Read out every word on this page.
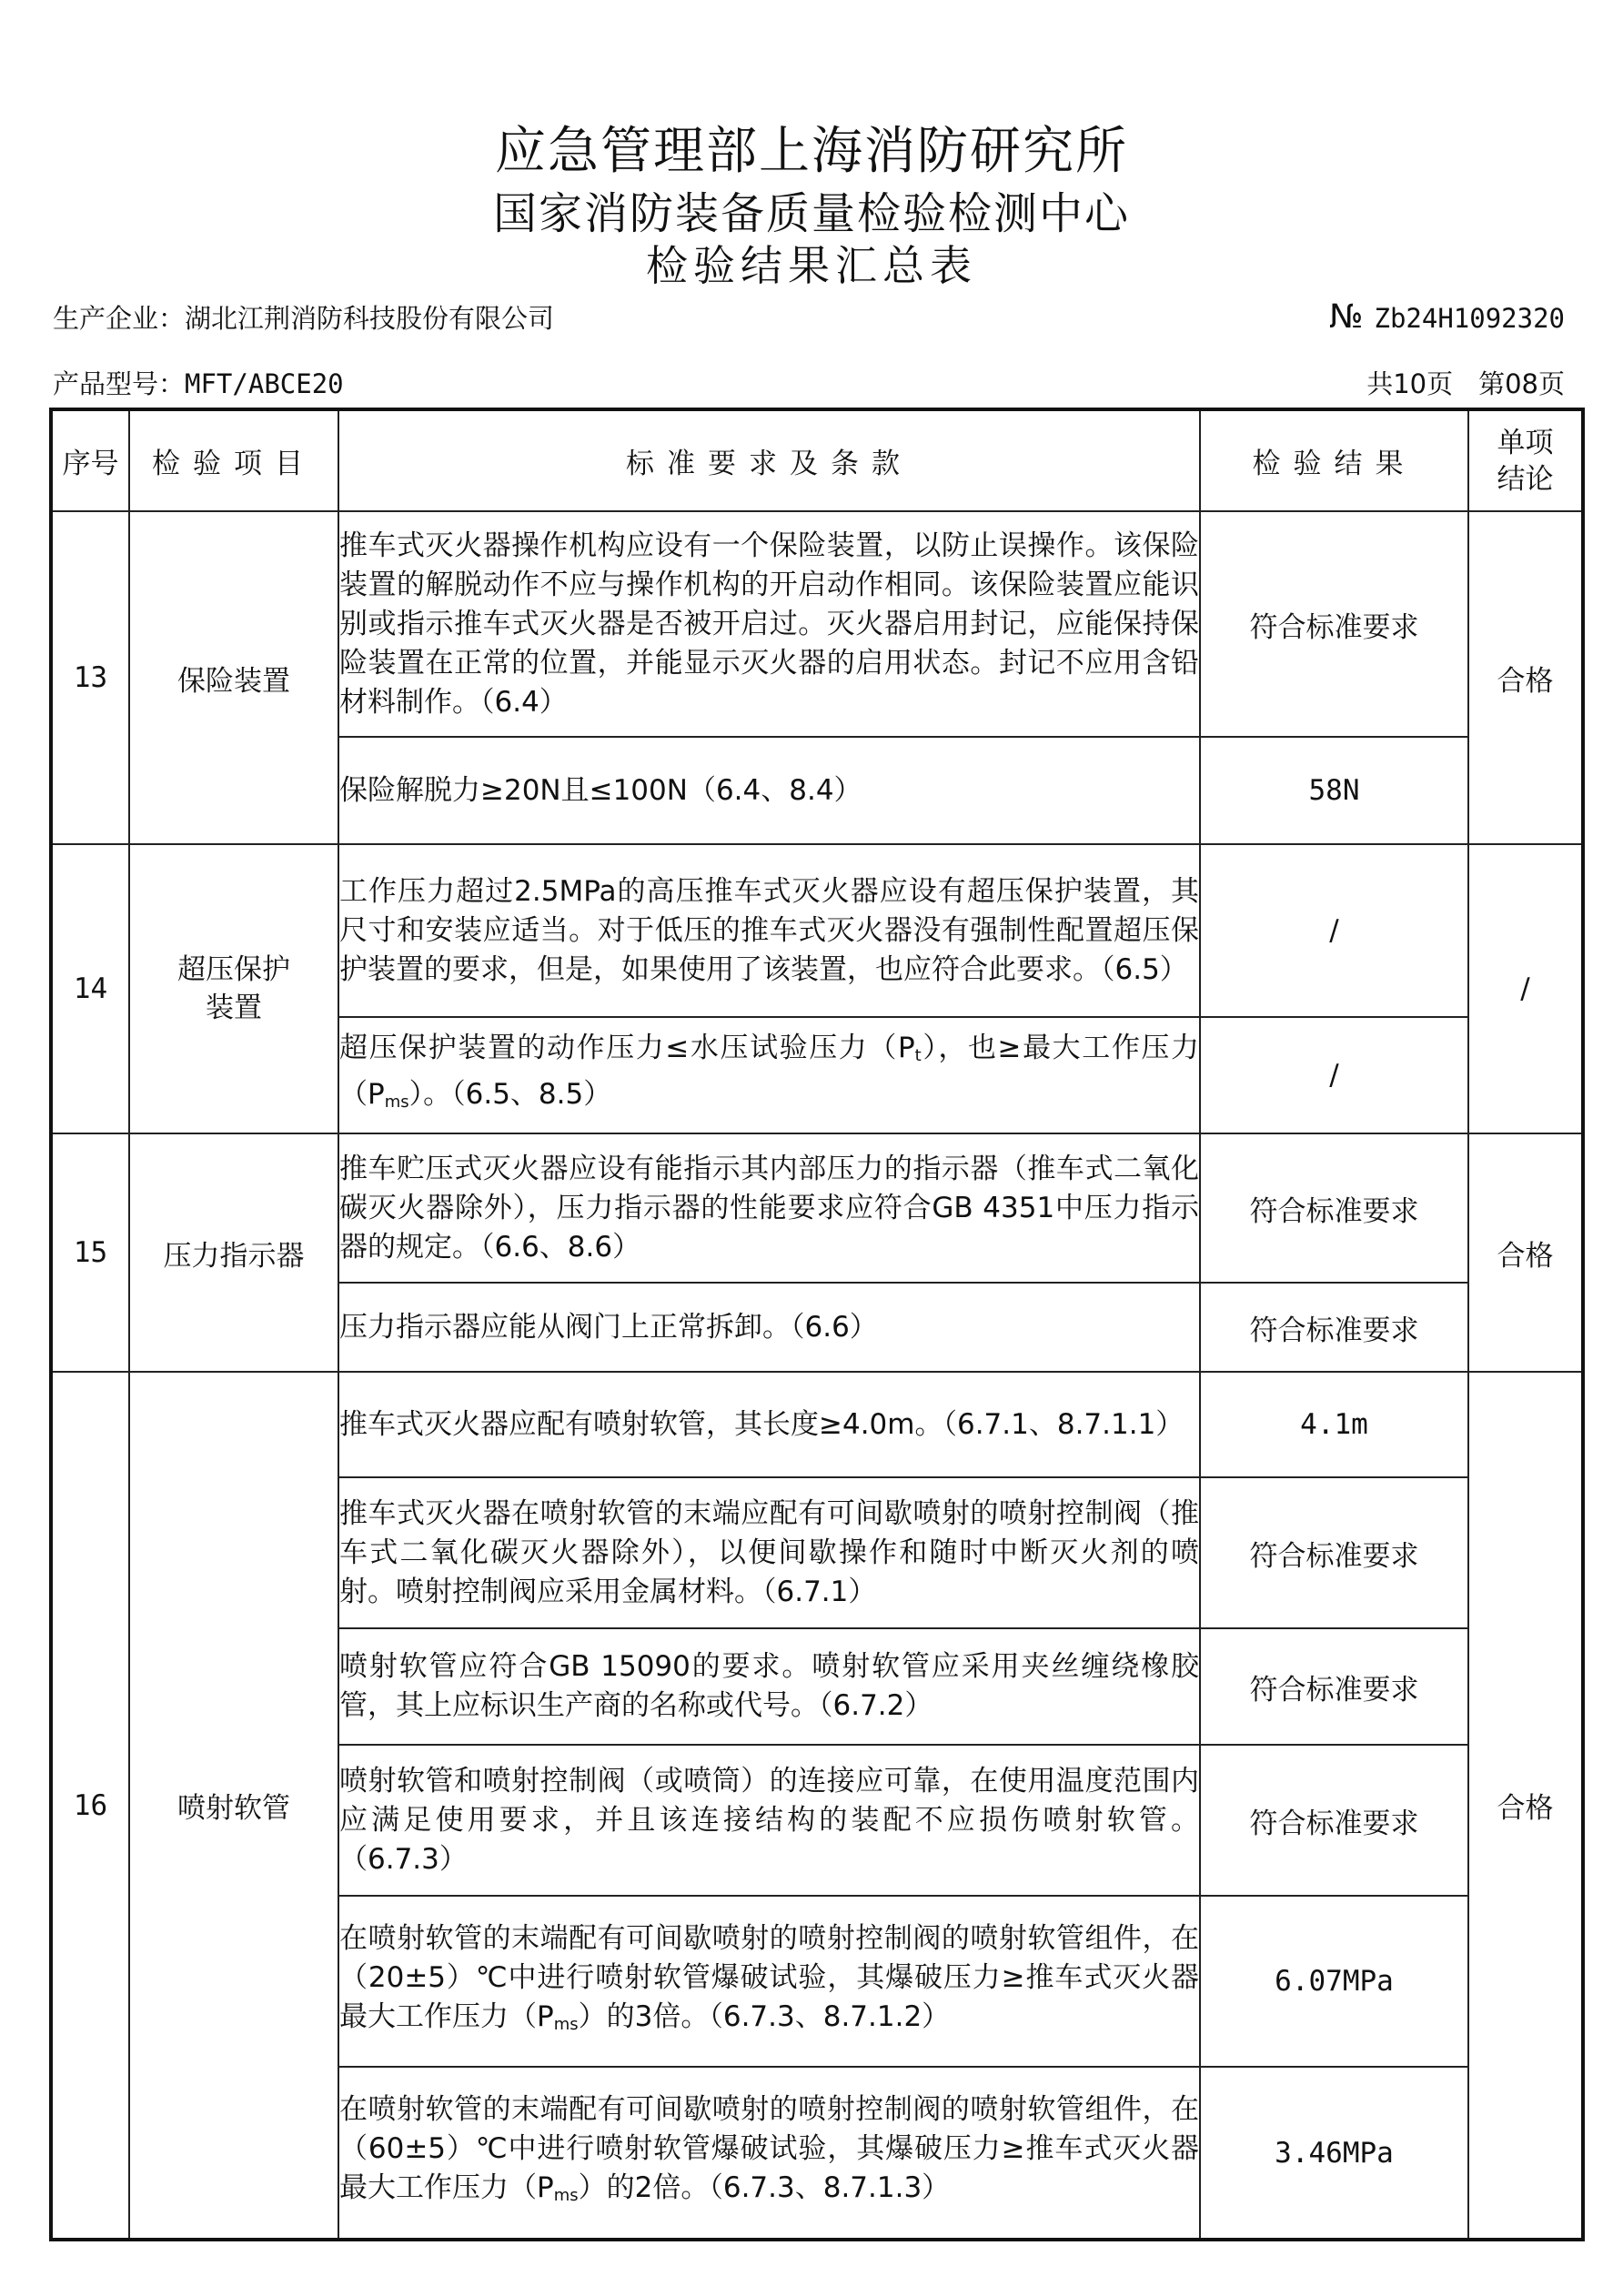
应急管理部上海消防研究所
国家消防装备质量检验检测中心
检验结果汇总表
生产企业：湖北江荆消防科技股份有限公司	№ Zb24H1092320
产品型号：MFT/ABCE20	共10页 第08页
序号	检验项目	标准要求及条款	检验结果	单项结论
13	保险装置	推车式灭火器操作机构应设有一个保险装置，以防止误操作。该保险装置的解脱动作不应与操作机构的开启动作相同。该保险装置应能识别或指示推车式灭火器是否被开启过。灭火器启用封记，应能保持保险装置在正常的位置，并能显示灭火器的启用状态。封记不应用含铅材料制作。（6.4）	符合标准要求	合格
		保险解脱力≥20N且≤100N（6.4、8.4）	58N	
14	超压保护装置	工作压力超过2.5MPa的高压推车式灭火器应设有超压保护装置，其尺寸和安装应适当。对于低压的推车式灭火器没有强制性配置超压保护装置的要求，但是，如果使用了该装置，也应符合此要求。（6.5）	/	/
		超压保护装置的动作压力≤水压试验压力$(P_t)$，也≥最大工作压力$(P_{ms})$。（6.5、8.5）	/	
15	压力指示器	推车贮压式灭火器应设有能指示其内部压力的指示器（推车式二氧化碳灭火器除外），压力指示器的性能要求应符合GB 4351中压力指示器的规定。（6.6、8.6）	符合标准要求	合格
		压力指示器应能从阀门上正常拆卸。（6.6）	符合标准要求	
16	喷射软管	推车式灭火器应配有喷射软管，其长度≥4.0m。（6.7.1、8.7.1.1）	4.1m	合格
		推车式灭火器在喷射软管的末端应配有可间歇喷射的喷射控制阀（推车式二氧化碳灭火器除外），以便间歇操作和随时中断灭火剂的喷射。喷射控制阀应采用金属材料。（6.7.1）	符合标准要求	
		喷射软管应符合GB 15090的要求。喷射软管应采用夹丝缠绕橡胶管，其上应标识生产商的名称或代号。（6.7.2）	符合标准要求	
		喷射软管和喷射控制阀（或喷筒）的连接应可靠，在使用温度范围内应满足使用要求，并且该连接结构的装配不应损伤喷射软管。（6.7.3）	符合标准要求	
		在喷射软管的末端配有可间歇喷射的喷射控制阀的喷射软管组件，在（20±5）℃中进行喷射软管爆破试验，其爆破压力≥推车式灭火器最大工作压力$(P_{ms})$的3倍。（6.7.3、8.7.1.2）	6.07MPa	
		在喷射软管的末端配有可间歇喷射的喷射控制阀的喷射软管组件，在（60±5）℃中进行喷射软管爆破试验，其爆破压力≥推车式灭火器最大工作压力$(P_{ms})$的2倍。（6.7.3、8.7.1.3）	3.46MPa	
